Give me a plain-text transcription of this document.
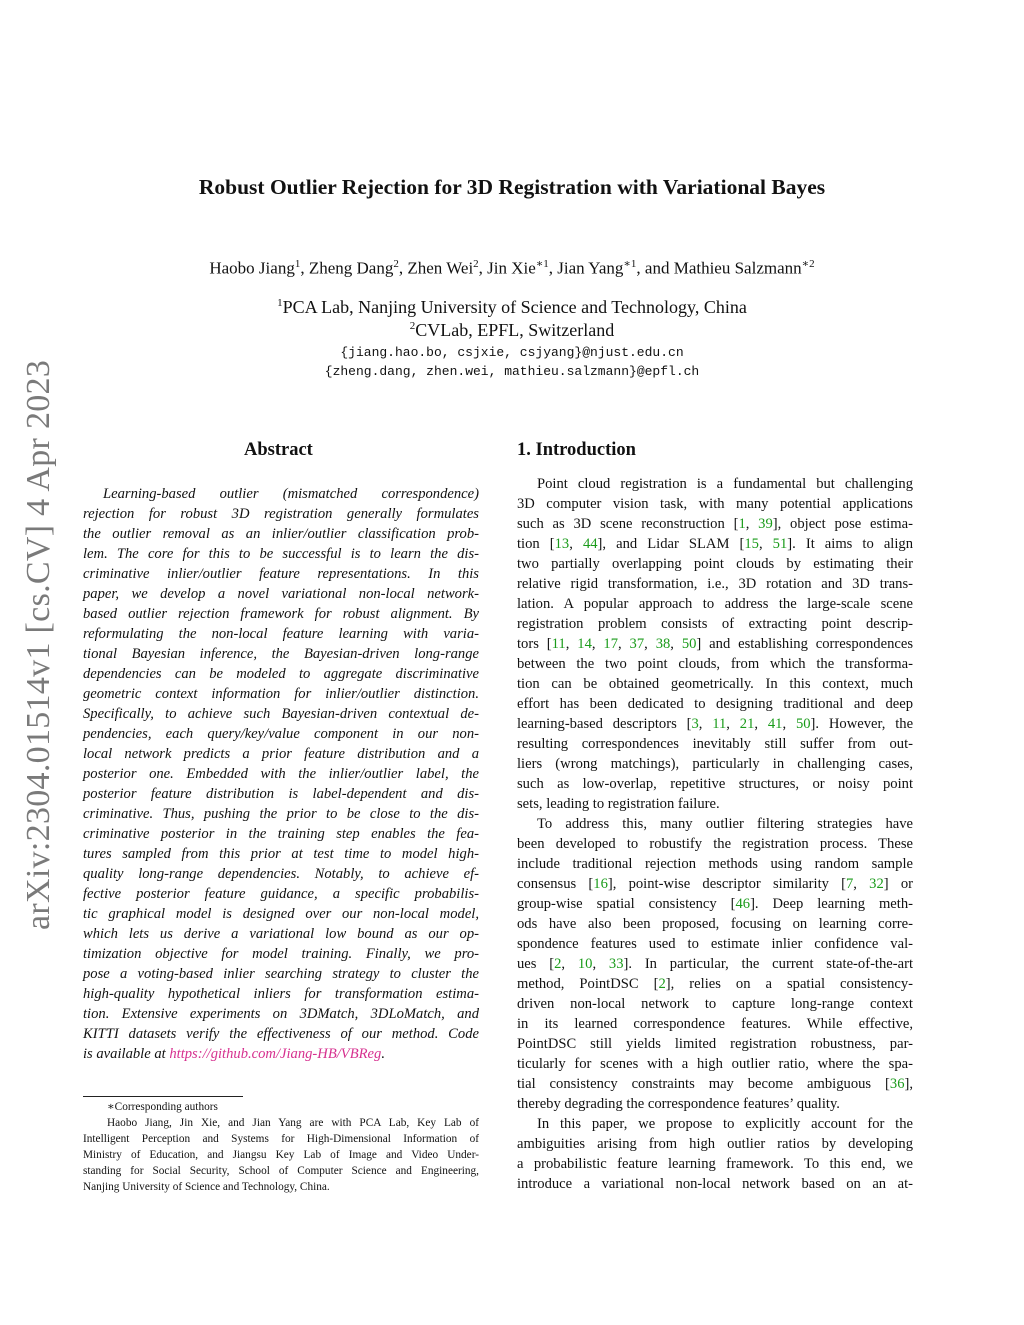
arXiv:2304.01514v1 [cs.CV] 4 Apr 2023
Robust Outlier Rejection for 3D Registration with Variational Bayes
Haobo Jiang$^1$, Zheng Dang$^2$, Zhen Wei$^2$, Jin Xie$^{∗1}$, Jian Yang$^{∗1}$, and Mathieu Salzmann$^{∗2}$
$^1$PCA Lab, Nanjing University of Science and Technology, China
$^2$CVLab, EPFL, Switzerland
{jiang.hao.bo, csjxie, csjyang}@njust.edu.cn
{zheng.dang, zhen.wei, mathieu.salzmann}@epfl.ch
Abstract
Learning-based outlier (mismatched correspondence)
rejection for robust 3D registration generally formulates
the outlier removal as an inlier/outlier classification prob-
lem. The core for this to be successful is to learn the dis-
criminative inlier/outlier feature representations. In this
paper, we develop a novel variational non-local network-
based outlier rejection framework for robust alignment. By
reformulating the non-local feature learning with varia-
tional Bayesian inference, the Bayesian-driven long-range
dependencies can be modeled to aggregate discriminative
geometric context information for inlier/outlier distinction.
Specifically, to achieve such Bayesian-driven contextual de-
pendencies, each query/key/value component in our non-
local network predicts a prior feature distribution and a
posterior one. Embedded with the inlier/outlier label, the
posterior feature distribution is label-dependent and dis-
criminative. Thus, pushing the prior to be close to the dis-
criminative posterior in the training step enables the fea-
tures sampled from this prior at test time to model high-
quality long-range dependencies. Notably, to achieve ef-
fective posterior feature guidance, a specific probabilis-
tic graphical model is designed over our non-local model,
which lets us derive a variational low bound as our op-
timization objective for model training. Finally, we pro-
pose a voting-based inlier searching strategy to cluster the
high-quality hypothetical inliers for transformation estima-
tion. Extensive experiments on 3DMatch, 3DLoMatch, and
KITTI datasets verify the effectiveness of our method. Code
is available at https://github.com/Jiang-HB/VBReg.
∗Corresponding authors
Haobo Jiang, Jin Xie, and Jian Yang are with PCA Lab, Key Lab of
Intelligent Perception and Systems for High-Dimensional Information of
Ministry of Education, and Jiangsu Key Lab of Image and Video Under-
standing for Social Security, School of Computer Science and Engineering,
Nanjing University of Science and Technology, China.
1. Introduction
Point cloud registration is a fundamental but challenging
3D computer vision task, with many potential applications
such as 3D scene reconstruction [1, 39], object pose estima-
tion [13, 44], and Lidar SLAM [15, 51]. It aims to align
two partially overlapping point clouds by estimating their
relative rigid transformation, i.e., 3D rotation and 3D trans-
lation. A popular approach to address the large-scale scene
registration problem consists of extracting point descrip-
tors [11, 14, 17, 37, 38, 50] and establishing correspondences
between the two point clouds, from which the transforma-
tion can be obtained geometrically. In this context, much
effort has been dedicated to designing traditional and deep
learning-based descriptors [3, 11, 21, 41, 50]. However, the
resulting correspondences inevitably still suffer from out-
liers (wrong matchings), particularly in challenging cases,
such as low-overlap, repetitive structures, or noisy point
sets, leading to registration failure.
To address this, many outlier filtering strategies have
been developed to robustify the registration process. These
include traditional rejection methods using random sample
consensus [16], point-wise descriptor similarity [7, 32] or
group-wise spatial consistency [46]. Deep learning meth-
ods have also been proposed, focusing on learning corre-
spondence features used to estimate inlier confidence val-
ues [2, 10, 33]. In particular, the current state-of-the-art
method, PointDSC [2], relies on a spatial consistency-
driven non-local network to capture long-range context
in its learned correspondence features. While effective,
PointDSC still yields limited registration robustness, par-
ticularly for scenes with a high outlier ratio, where the spa-
tial consistency constraints may become ambiguous [36],
thereby degrading the correspondence features’ quality.
In this paper, we propose to explicitly account for the
ambiguities arising from high outlier ratios by developing
a probabilistic feature learning framework. To this end, we
introduce a variational non-local network based on an at-
